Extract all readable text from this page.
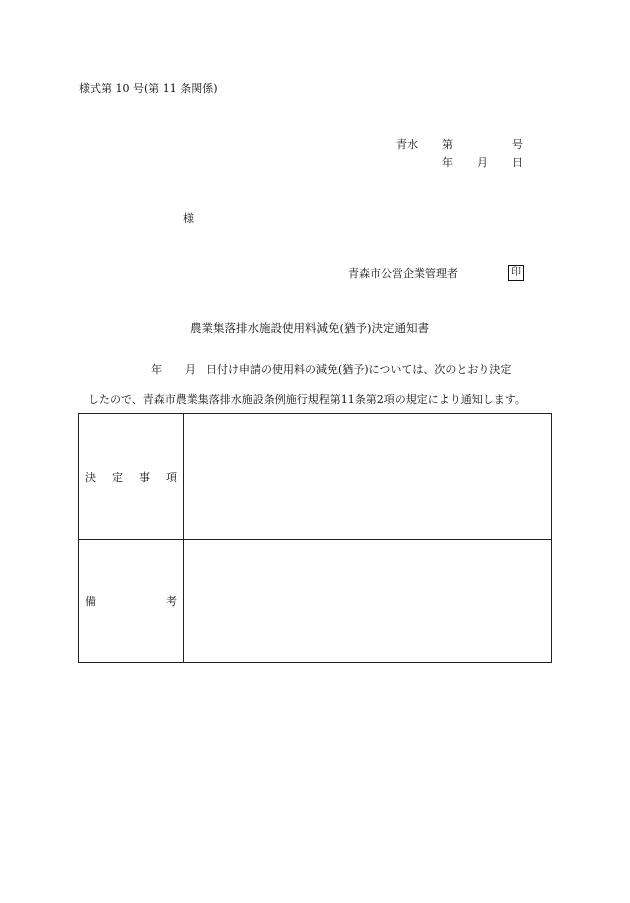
様式第 10 号(第 11 条関係)
青水 第	号
年 月 日
様
青森市公営企業管理者	印
農業集落排水施設使用料減免(猶予)決定通知書
年 月 日付け申請の使用料の減免(猶予)については、次のとおり決定
したので、青森市農業集落排水施設条例施行規程第11条第2項の規定により通知します。
決 定 事 項
備	考
